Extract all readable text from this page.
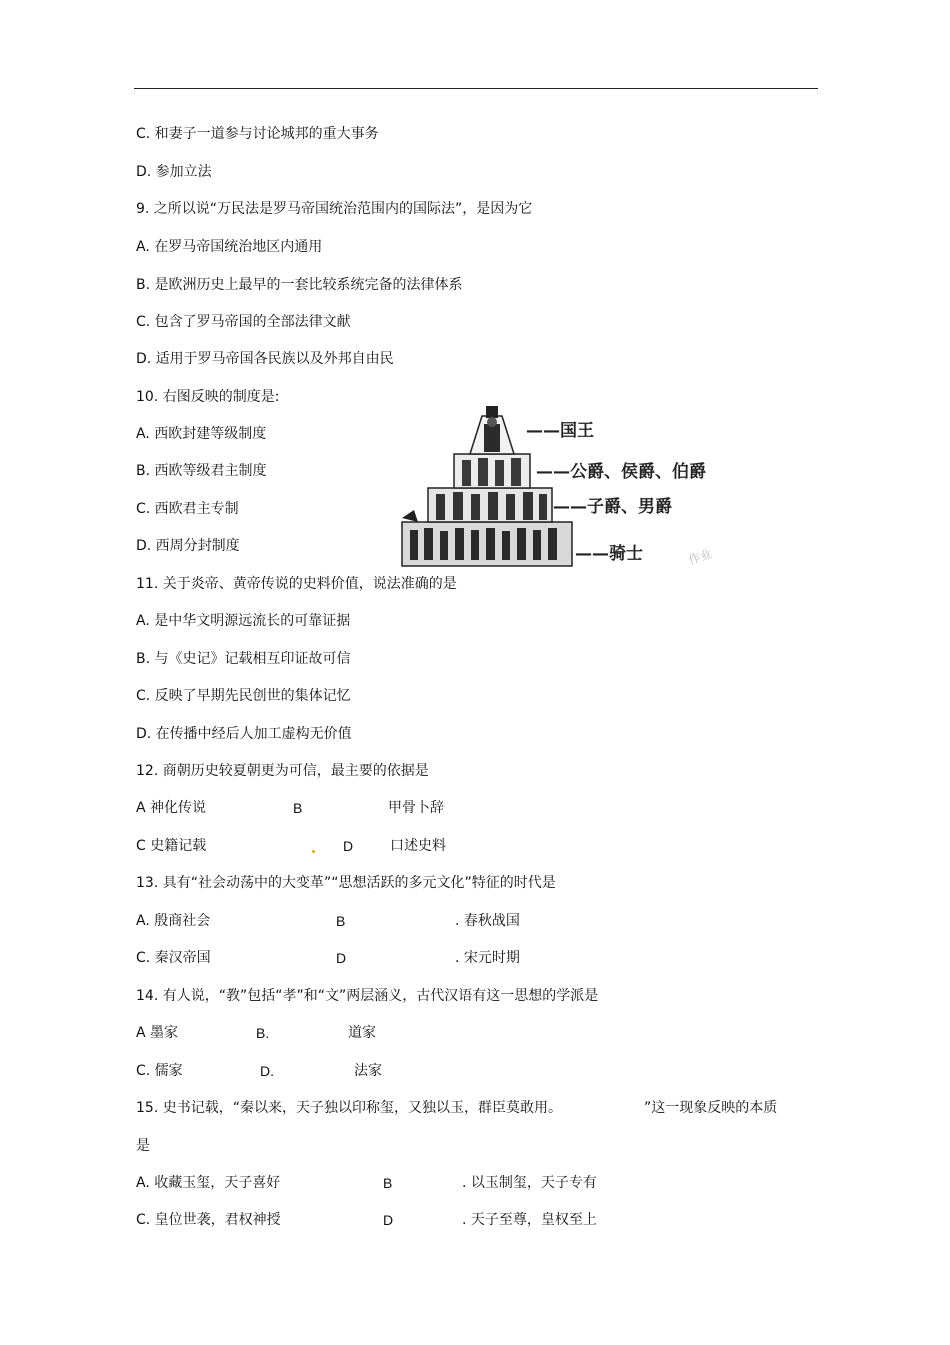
C. 和妻子一道参与讨论城邦的重大事务
D. 参加立法
9. 之所以说“万民法是罗马帝国统治范围内的国际法”，是因为它
A. 在罗马帝国统治地区内通用
B. 是欧洲历史上最早的一套比较系统完备的法律体系
C. 包含了罗马帝国的全部法律文献
D. 适用于罗马帝国各民族以及外邦自由民
10. 右图反映的制度是:
A. 西欧封建等级制度
B. 西欧等级君主制度
C. 西欧君主专制
D. 西周分封制度
——国王
——公爵、侯爵、伯爵
——子爵、男爵
——骑士	作业
11. 关于炎帝、黄帝传说的史料价值，说法准确的是
A. 是中华文明源远流长的可靠证据
B. 与《史记》记载相互印证故可信
C. 反映了早期先民创世的集体记忆
D. 在传播中经后人加工虚构无价值
12. 商朝历史较夏朝更为可信，最主要的依据是
A 神化传说	B	甲骨卜辞
C 史籍记载	D	口述史料
13. 具有“社会动荡中的大变革”“思想活跃的多元文化”特征的时代是
A. 殷商社会	B	. 春秋战国
C. 秦汉帝国	D	. 宋元时期
14. 有人说，“教”包括“孝”和“文”两层涵义，古代汉语有这一思想的学派是
A 墨家	B.	道家
C. 儒家	D.	法家
15. 史书记载，“秦以来，天子独以印称玺，又独以玉，群臣莫敢用。	”这一现象反映的本质
是
A. 收藏玉玺，天子喜好	B	. 以玉制玺，天子专有
C. 皇位世袭，君权神授	D	. 天子至尊，皇权至上
